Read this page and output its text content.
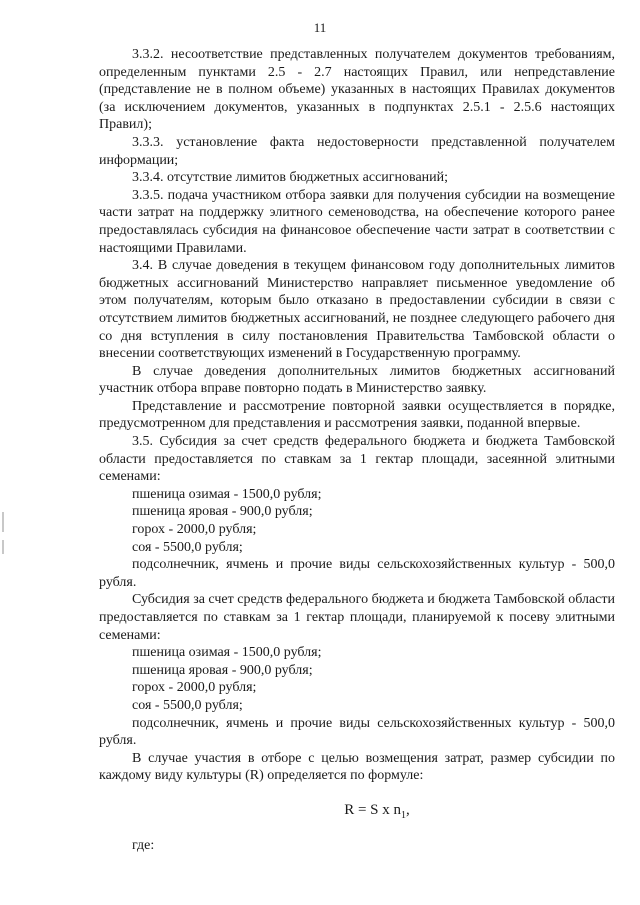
11

3.3.2. несоответствие представленных получателем документов требованиям, определенным пунктами 2.5 - 2.7 настоящих Правил, или непредставление (представление не в полном объеме) указанных в настоящих Правилах документов (за исключением документов, указанных в подпунктах 2.5.1 - 2.5.6 настоящих Правил);

3.3.3. установление факта недостоверности представленной получателем информации;

3.3.4. отсутствие лимитов бюджетных ассигнований;

3.3.5. подача участником отбора заявки для получения субсидии на возмещение части затрат на поддержку элитного семеноводства, на обеспечение которого ранее предоставлялась субсидия на финансовое обеспечение части затрат в соответствии с настоящими Правилами.

3.4. В случае доведения в текущем финансовом году дополнительных лимитов бюджетных ассигнований Министерство направляет письменное уведомление об этом получателям, которым было отказано в предоставлении субсидии в связи с отсутствием лимитов бюджетных ассигнований, не позднее следующего рабочего дня со дня вступления в силу постановления Правительства Тамбовской области о внесении соответствующих изменений в Государственную программу.

В случае доведения дополнительных лимитов бюджетных ассигнований участник отбора вправе повторно подать в Министерство заявку.

Представление и рассмотрение повторной заявки осуществляется в порядке, предусмотренном для представления и рассмотрения заявки, поданной впервые.

3.5. Субсидия за счет средств федерального бюджета и бюджета Тамбовской области предоставляется по ставкам за 1 гектар площади, засеянной элитными семенами:

пшеница озимая - 1500,0 рубля;

пшеница яровая - 900,0 рубля;

горох - 2000,0 рубля;

соя - 5500,0 рубля;

подсолнечник, ячмень и прочие виды сельскохозяйственных культур - 500,0 рубля.

Субсидия за счет средств федерального бюджета и бюджета Тамбовской области предоставляется по ставкам за 1 гектар площади, планируемой к посеву элитными семенами:

пшеница озимая - 1500,0 рубля;

пшеница яровая - 900,0 рубля;

горох - 2000,0 рубля;

соя - 5500,0 рубля;

подсолнечник, ячмень и прочие виды сельскохозяйственных культур - 500,0 рубля.

В случае участия в отборе с целью возмещения затрат, размер субсидии по каждому виду культуры (R) определяется по формуле:

R = S x $n_1$,

где:
